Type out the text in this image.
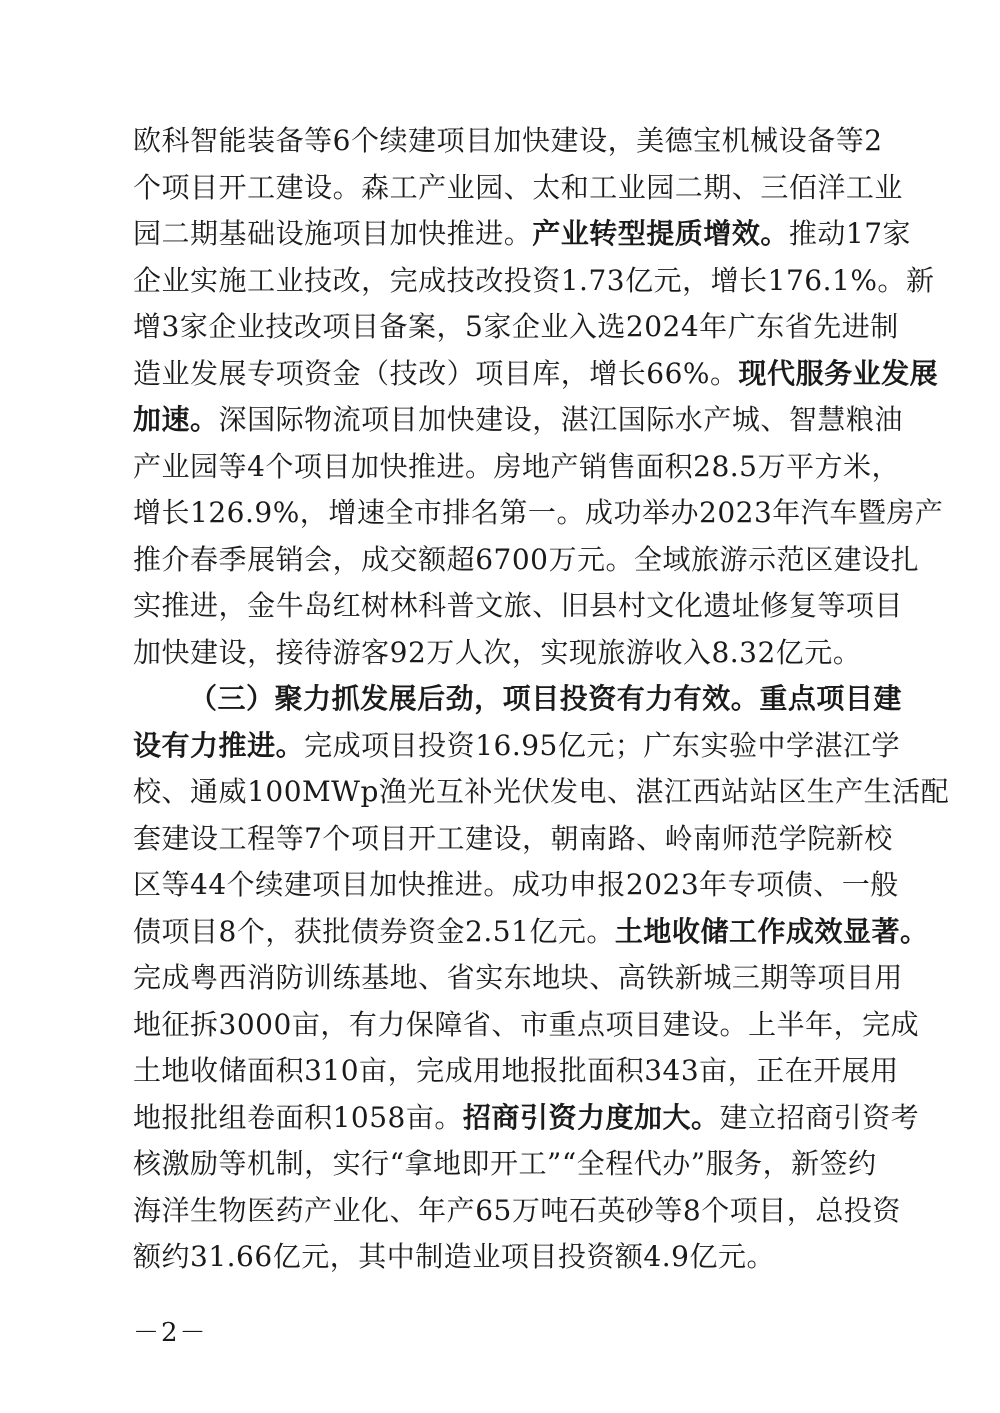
欧 科 智 能 装 备 等 6 个 续 建 项 目 加 快 建 设 ， 美 德 宝 机 械 设 备 等 2
个 项 目 开 工 建 设 。 森 工 产 业 园 、 太 和 工 业 园 二 期 、 三 佰 洋 工 业
园 二 期 基 础 设 施 项 目 加 快 推 进 。 产 业 转 型 提 质 增 效 。 推 动 17 家
企 业 实 施 工 业 技 改 ， 完 成 技 改 投 资 1.73 亿 元 ， 增 长 176.1% 。 新
增 3 家 企 业 技 改 项 目 备 案 ， 5 家 企 业 入 选 2024 年 广 东 省 先 进 制
造 业 发 展 专 项 资 金 （ 技 改 ） 项 目 库 ， 增 长 66% 。 现 代 服 务 业 发 展
加 速 。 深 国 际 物 流 项 目 加 快 建 设 ， 湛 江 国 际 水 产 城 、 智 慧 粮 油
产 业 园 等 4 个 项 目 加 快 推 进 。 房 地 产 销 售 面 积 28.5 万 平 方 米 ，
增 长 126.9% ， 增 速 全 市 排 名 第 一 。 成 功 举 办 2023 年 汽 车 暨 房 产
推 介 春 季 展 销 会 ， 成 交 额 超 6700 万 元 。 全 域 旅 游 示 范 区 建 设 扎
实 推 进 ， 金 牛 岛 红 树 林 科 普 文 旅 、 旧 县 村 文 化 遗 址 修 复 等 项 目
加 快 建 设 ， 接 待 游 客 92 万 人 次 ， 实 现 旅 游 收 入 8.32 亿 元 。
（ 三 ） 聚 力 抓 发 展 后 劲 ， 项 目 投 资 有 力 有 效 。 重 点 项 目 建
设 有 力 推 进 。 完 成 项 目 投 资 16.95 亿 元 ； 广 东 实 验 中 学 湛 江 学
校 、 通 威 100MWp 渔 光 互 补 光 伏 发 电 、 湛 江 西 站 站 区 生 产 生 活 配
套 建 设 工 程 等 7 个 项 目 开 工 建 设 ， 朝 南 路 、 岭 南 师 范 学 院 新 校
区 等 44 个 续 建 项 目 加 快 推 进 。 成 功 申 报 2023 年 专 项 债 、 一 般
债 项 目 8 个 ， 获 批 债 券 资 金 2.51 亿 元 。 土 地 收 储 工 作 成 效 显 著 。
完 成 粤 西 消 防 训 练 基 地 、 省 实 东 地 块 、 高 铁 新 城 三 期 等 项 目 用
地 征 拆 3000 亩 ， 有 力 保 障 省 、 市 重 点 项 目 建 设 。 上 半 年 ， 完 成
土 地 收 储 面 积 310 亩 ， 完 成 用 地 报 批 面 积 343 亩 ， 正 在 开 展 用
地 报 批 组 卷 面 积 1058 亩 。 招 商 引 资 力 度 加 大 。 建 立 招 商 引 资 考
核 激 励 等 机 制 ， 实 行 “ 拿 地 即 开 工 ” “ 全 程 代 办 ” 服 务 ， 新 签 约
海 洋 生 物 医 药 产 业 化 、 年 产 65 万 吨 石 英 砂 等 8 个 项 目 ， 总 投 资
额 约 31.66 亿 元 ， 其 中 制 造 业 项 目 投 资 额 4.9 亿 元 。
－2－
